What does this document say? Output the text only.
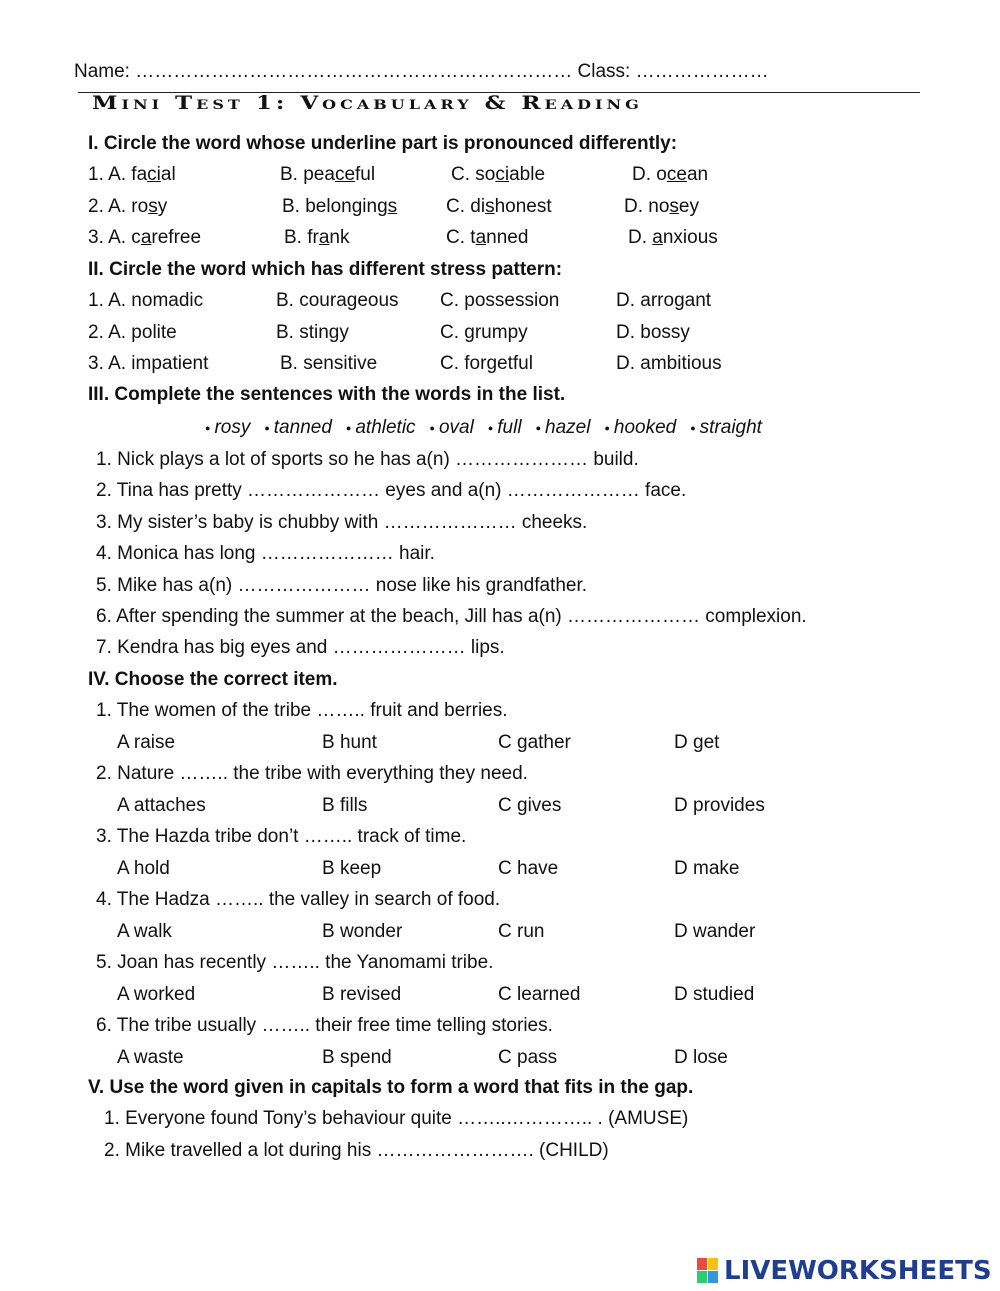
Name: …………………………………………………………… Class: …………………
Mini Test 1: Vocabulary & Reading
I. Circle the word whose underline part is pronounced differently:
1. A. facial	B. peaceful	C. sociable	D. ocean
2. A. rosy	B. belongings	C. dishonest	D. nosey
3. A. carefree	B. frank	C. tanned	D. anxious
II. Circle the word which has different stress pattern:
1. A. nomadic	B. courageous C. possession	D. arrogant
2. A. polite	B. stingy	C. grumpy	D. bossy
3. A. impatient	B. sensitive	C. forgetful	D. ambitious
III. Complete the sentences with the words in the list.
● rosy ● tanned ● athletic ● oval ● full ● hazel ● hooked ● straight
1. Nick plays a lot of sports so he has a(n) ………………… build.
2. Tina has pretty ………………… eyes and a(n) ………………… face.
3. My sister’s baby is chubby with ………………… cheeks.
4. Monica has long ………………… hair.
5. Mike has a(n) ………………… nose like his grandfather.
6. After spending the summer at the beach, Jill has a(n) ………………… complexion.
7. Kendra has big eyes and ………………… lips.
IV. Choose the correct item.
1. The women of the tribe …….. fruit and berries.
A raise	B hunt	C gather	D get
2. Nature …….. the tribe with everything they need.
A attaches	B fills	C gives	D provides
3. The Hazda tribe don’t …….. track of time.
A hold	B keep	C have	D make
4. The Hadza …….. the valley in search of food.
A walk	B wonder	C run	D wander
5. Joan has recently …….. the Yanomami tribe.
A worked	B revised	C learned	D studied
6. The tribe usually …….. their free time telling stories.
A waste	B spend	C pass	D lose
V. Use the word given in capitals to form a word that fits in the gap.
1. Everyone found Tony’s behaviour quite ……..………….. . (AMUSE)
2. Mike travelled a lot during his ……………………. (CHILD)
LIVEWORKSHEETS
